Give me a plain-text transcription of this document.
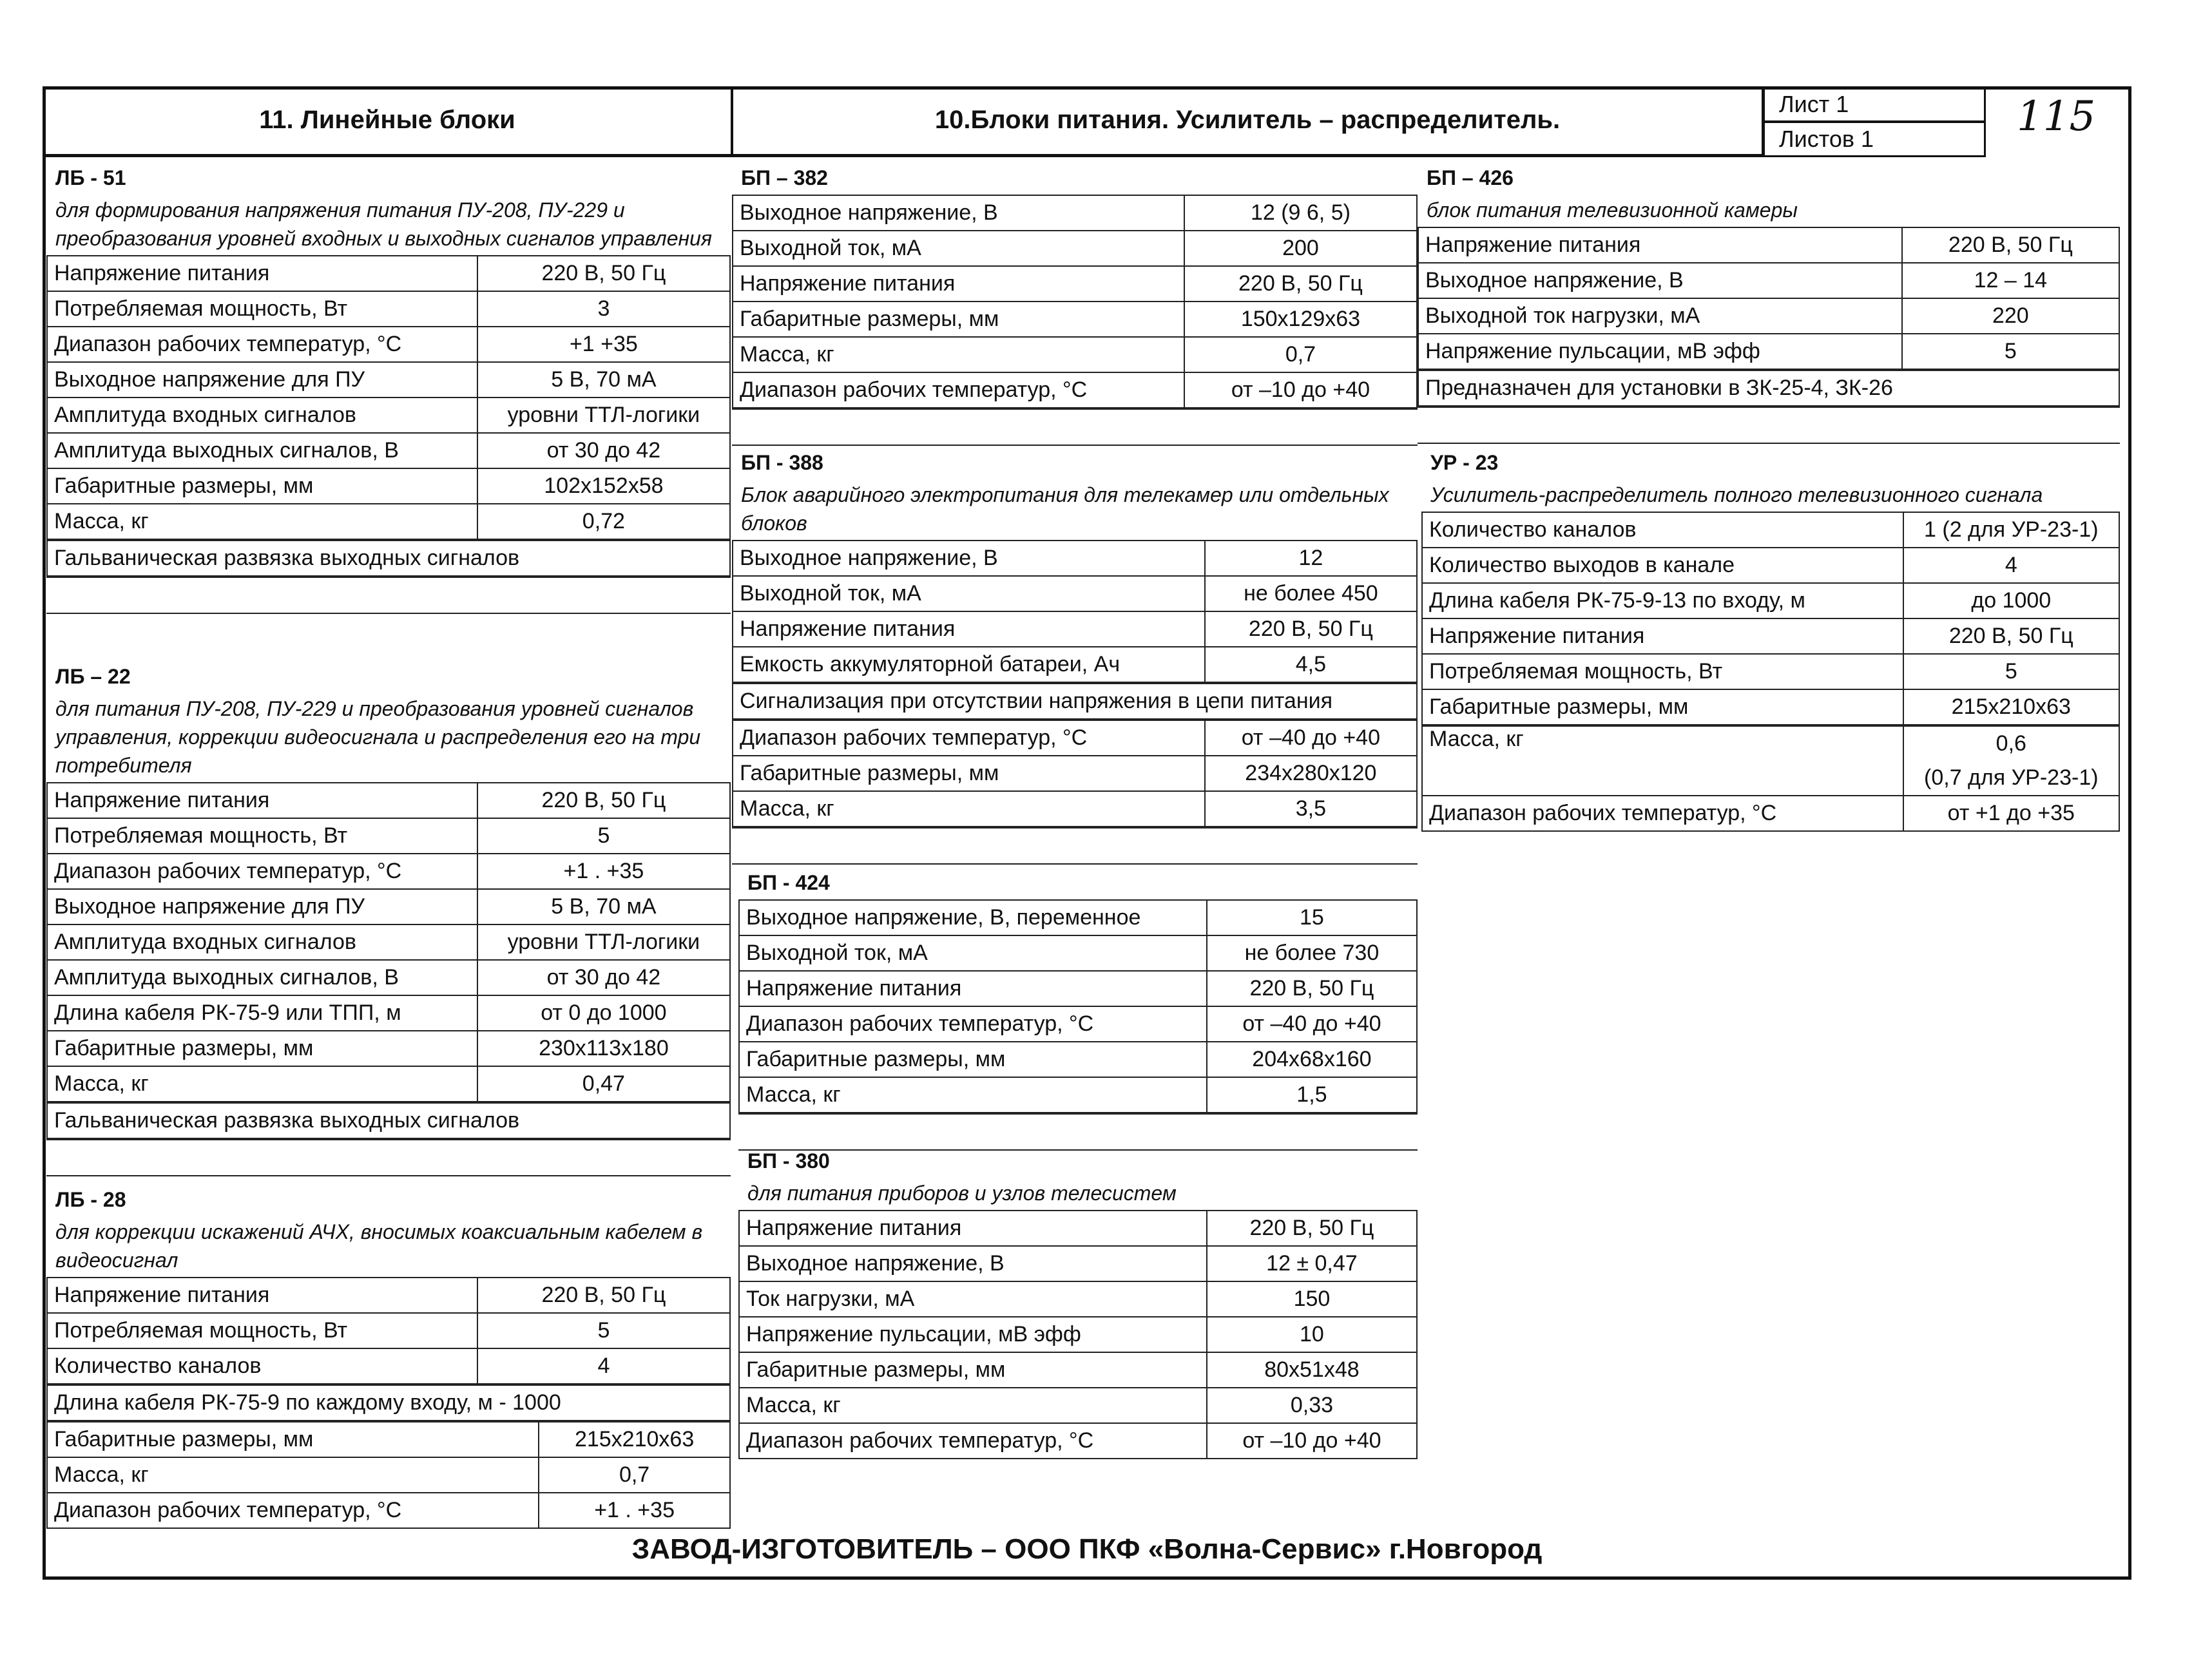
11. Линейные блоки	10.Блоки питания. Усилитель – распределитель.
Лист 1
Листов 1	115
ЛБ - 51
для формирования напряжения питания ПУ-208, ПУ-229 и преобразования уровней входных и выходных сигналов управления
Напряжение питания	220 В, 50 Гц
Потребляемая мощность, Вт	3
Диапазон рабочих температур, °С	+1 +35
Выходное напряжение для ПУ	5 В, 70 мА
Амплитуда входных сигналов	уровни ТТЛ-логики
Амплитуда выходных сигналов, В	от 30 до 42
Габаритные размеры, мм	102х152х58
Масса, кг	0,72
Гальваническая развязка выходных сигналов
ЛБ – 22
для питания ПУ-208, ПУ-229 и преобразования уровней сигналов управления, коррекции видеосигнала и распределения его на три потребителя
Напряжение питания	220 В, 50 Гц
Потребляемая мощность, Вт	5
Диапазон рабочих температур, °С	+1 . +35
Выходное напряжение для ПУ	5 В, 70 мА
Амплитуда входных сигналов	уровни ТТЛ-логики
Амплитуда выходных сигналов, В	от 30 до 42
Длина кабеля РК-75-9 или ТПП, м	от 0 до 1000
Габаритные размеры, мм	230х113х180
Масса, кг	0,47
Гальваническая развязка выходных сигналов
ЛБ - 28
для коррекции искажений АЧХ, вносимых коаксиальным кабелем в видеосигнал
Напряжение питания	220 В, 50 Гц
Потребляемая мощность, Вт	5
Количество каналов	4
Длина кабеля РК-75-9 по каждому входу, м - 1000
Габаритные размеры, мм	215х210х63
Масса, кг	0,7
Диапазон рабочих температур, °С	+1 . +35
БП – 382
Выходное напряжение, В	12 (9 6, 5)
Выходной ток, мА	200
Напряжение питания	220 В, 50 Гц
Габаритные размеры, мм	150х129х63
Масса, кг	0,7
Диапазон рабочих температур, °С	от –10 до +40
БП - 388
Блок аварийного электропитания для телекамер или отдельных блоков
Выходное напряжение, В	12
Выходной ток, мА	не более 450
Напряжение питания	220 В, 50 Гц
Емкость аккумуляторной батареи, Ач	4,5
Сигнализация при отсутствии напряжения в цепи питания
Диапазон рабочих температур, °С	от –40 до +40
Габаритные размеры, мм	234х280х120
Масса, кг	3,5
БП - 424
Выходное напряжение, В, переменное	15
Выходной ток, мА	не более 730
Напряжение питания	220 В, 50 Гц
Диапазон рабочих температур, °С	от –40 до +40
Габаритные размеры, мм	204х68х160
Масса, кг	1,5
БП - 380
для питания приборов и узлов телесистем
Напряжение питания	220 В, 50 Гц
Выходное напряжение, В	12 ± 0,47
Ток нагрузки, мА	150
Напряжение пульсации, мВ эфф	10
Габаритные размеры, мм	80х51х48
Масса, кг	0,33
Диапазон рабочих температур, °С	от –10 до +40
БП – 426
блок питания телевизионной камеры
Напряжение питания	220 В, 50 Гц
Выходное напряжение, В	12 – 14
Выходной ток нагрузки, мА	220
Напряжение пульсации, мВ эфф	5
Предназначен для установки в ЗК-25-4, ЗК-26
УР - 23
Усилитель-распределитель полного телевизионного сигнала
Количество каналов	1 (2 для УР-23-1)
Количество выходов в канале	4
Длина кабеля РК-75-9-13 по входу, м	до 1000
Напряжение питания	220 В, 50 Гц
Потребляемая мощность, Вт	5
Габаритные размеры, мм	215х210х63
Масса, кг	0,6
	(0,7 для УР-23-1)
Диапазон рабочих температур, °С	от +1 до +35
ЗАВОД-ИЗГОТОВИТЕЛЬ – ООО ПКФ «Волна-Сервис» г.Новгород
